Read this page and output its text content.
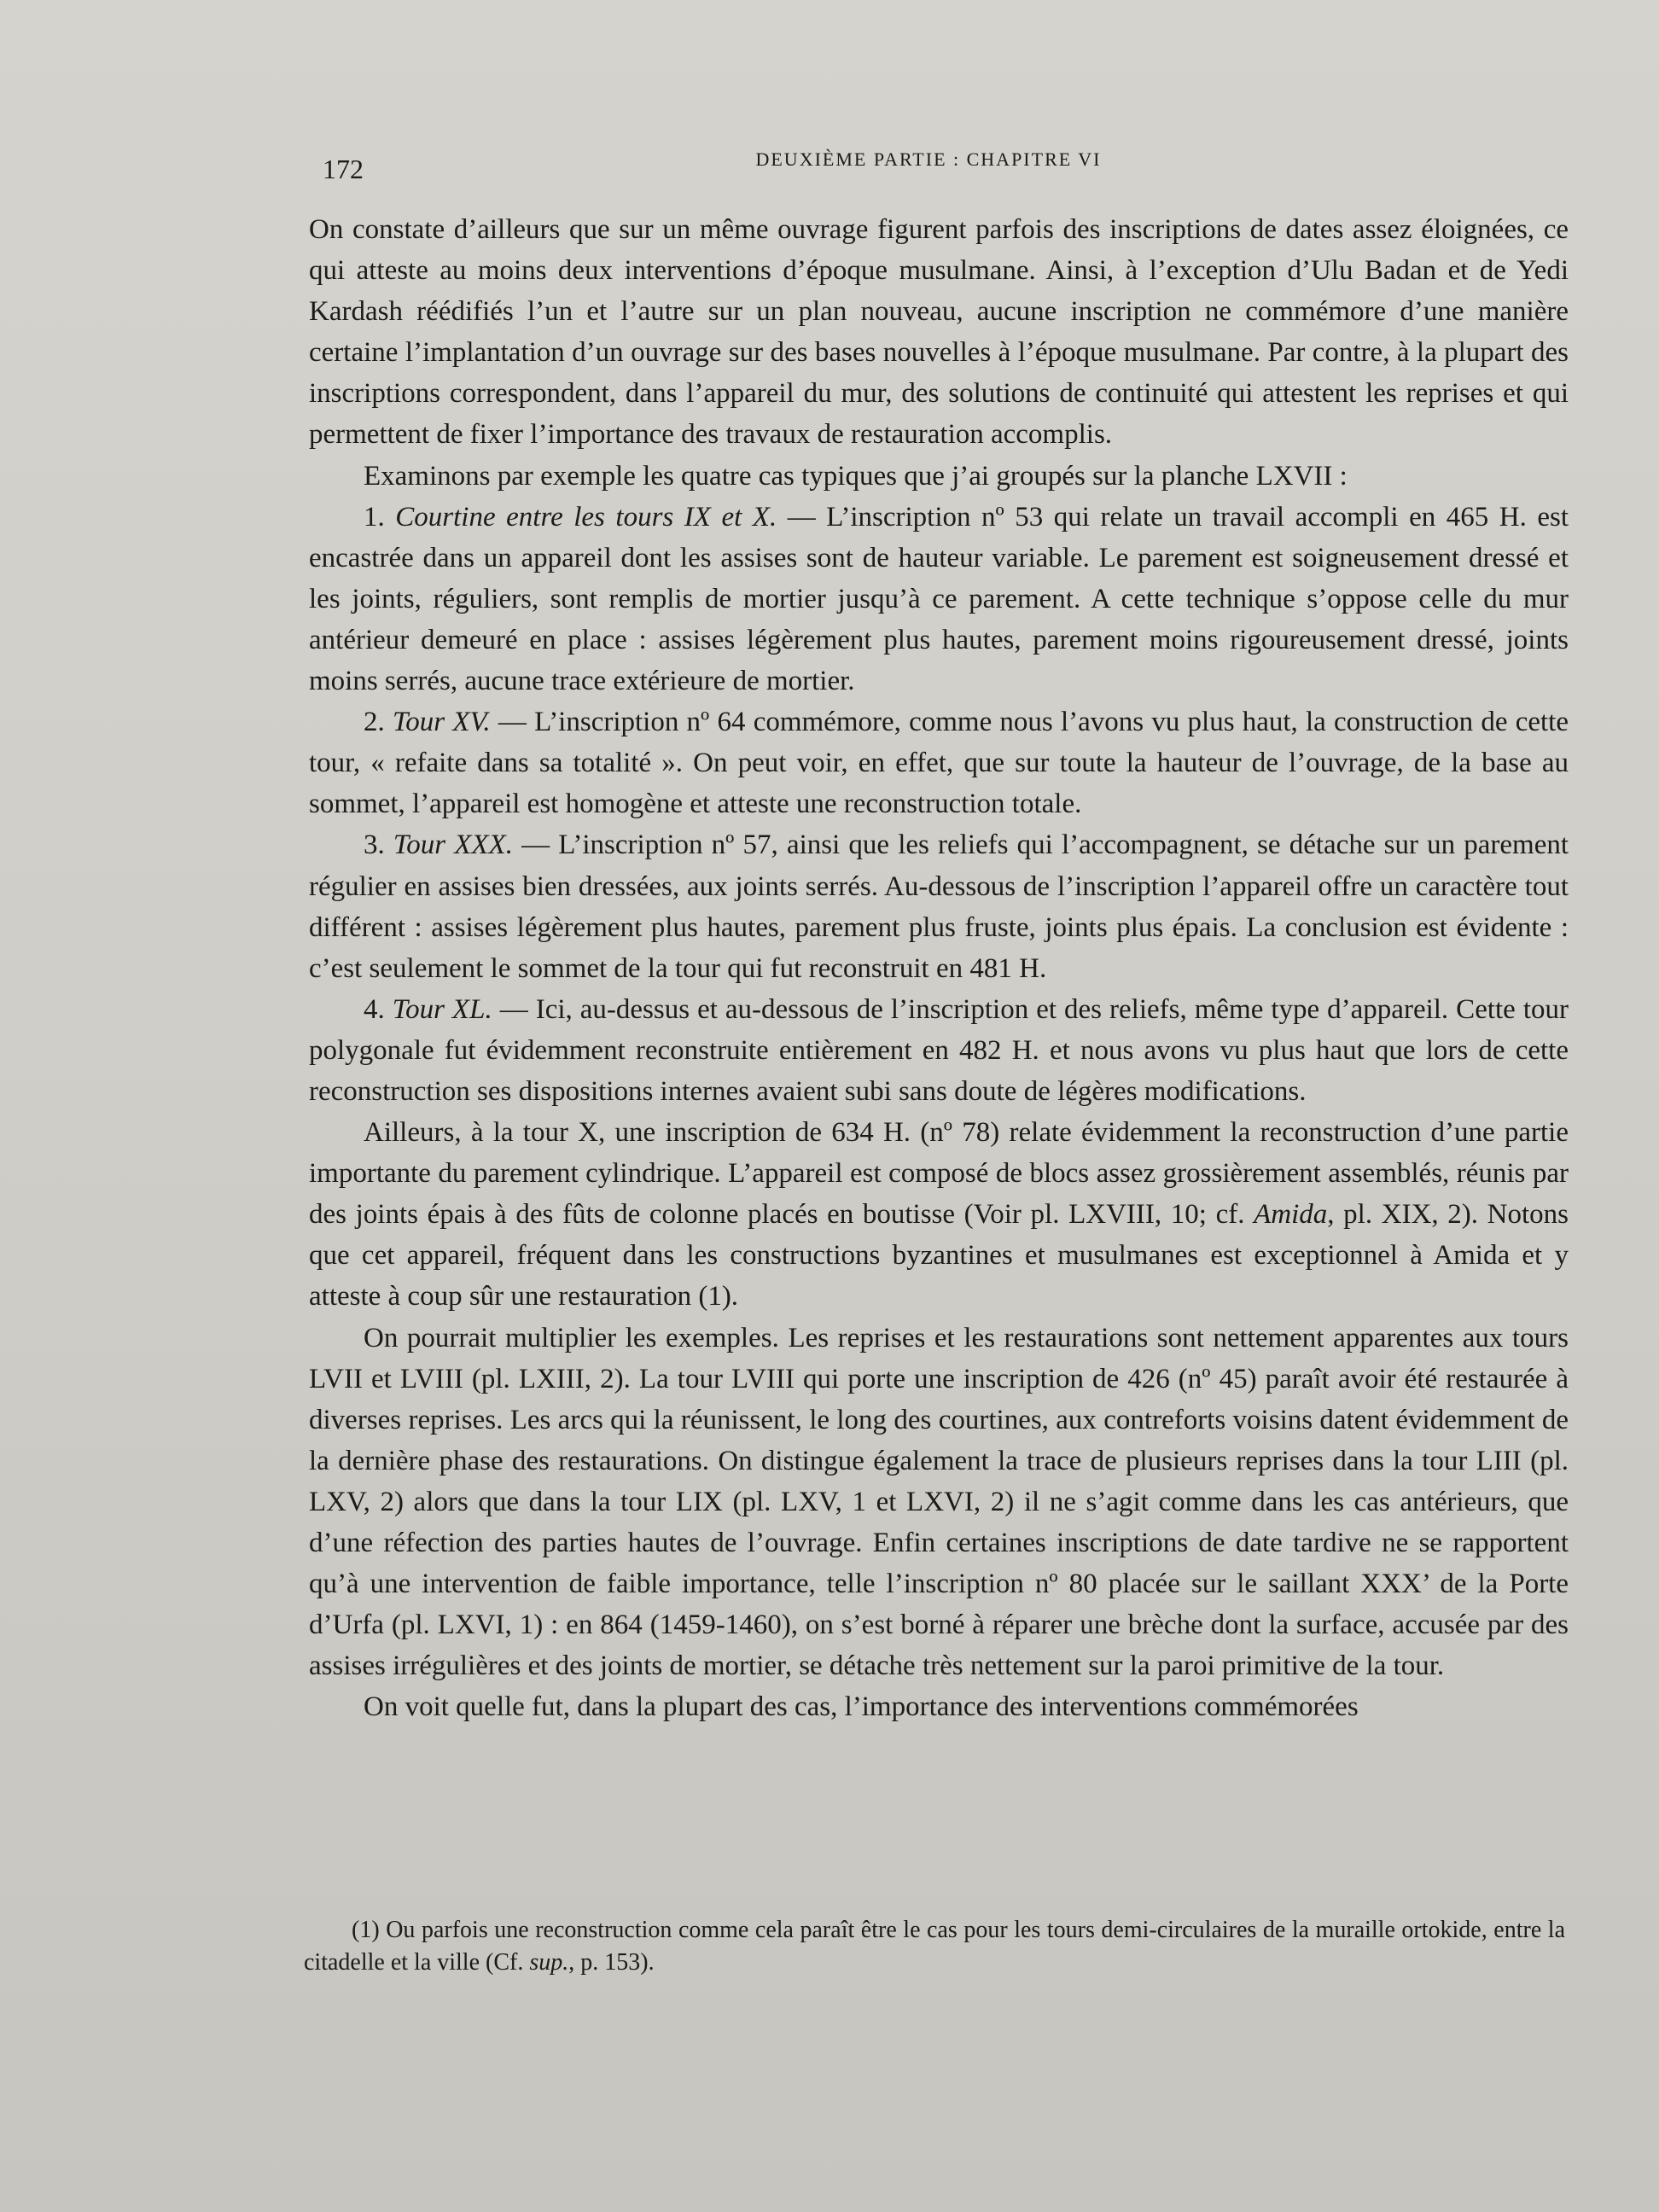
172	DEUXIÈME PARTIE : CHAPITRE VI

On constate d’ailleurs que sur un même ouvrage figurent parfois des inscriptions de dates assez éloignées, ce qui atteste au moins deux interventions d’époque musulmane. Ainsi, à l’exception d’Ulu Badan et de Yedi Kardash réédifiés l’un et l’autre sur un plan nouveau, aucune inscription ne commémore d’une manière certaine l’implantation d’un ouvrage sur des bases nouvelles à l’époque musulmane. Par contre, à la plupart des inscriptions correspondent, dans l’appareil du mur, des solutions de continuité qui attestent les reprises et qui permettent de fixer l’importance des travaux de restauration accomplis.

Examinons par exemple les quatre cas typiques que j’ai groupés sur la planche LXVII :

1. Courtine entre les tours IX et X. — L’inscription nº 53 qui relate un travail accompli en 465 H. est encastrée dans un appareil dont les assises sont de hauteur variable. Le parement est soigneusement dressé et les joints, réguliers, sont remplis de mortier jusqu’à ce parement. A cette technique s’oppose celle du mur antérieur demeuré en place : assises légèrement plus hautes, parement moins rigoureusement dressé, joints moins serrés, aucune trace extérieure de mortier.

2. Tour XV. — L’inscription nº 64 commémore, comme nous l’avons vu plus haut, la construction de cette tour, « refaite dans sa totalité ». On peut voir, en effet, que sur toute la hauteur de l’ouvrage, de la base au sommet, l’appareil est homogène et atteste une reconstruction totale.

3. Tour XXX. — L’inscription nº 57, ainsi que les reliefs qui l’accompagnent, se détache sur un parement régulier en assises bien dressées, aux joints serrés. Au-dessous de l’inscription l’appareil offre un caractère tout différent : assises légèrement plus hautes, parement plus fruste, joints plus épais. La conclusion est évidente : c’est seulement le sommet de la tour qui fut reconstruit en 481 H.

4. Tour XL. — Ici, au-dessus et au-dessous de l’inscription et des reliefs, même type d’appareil. Cette tour polygonale fut évidemment reconstruite entièrement en 482 H. et nous avons vu plus haut que lors de cette reconstruction ses dispositions internes avaient subi sans doute de légères modifications.

Ailleurs, à la tour X, une inscription de 634 H. (nº 78) relate évidemment la reconstruction d’une partie importante du parement cylindrique. L’appareil est composé de blocs assez grossièrement assemblés, réunis par des joints épais à des fûts de colonne placés en boutisse (Voir pl. LXVIII, 10; cf. Amida, pl. XIX, 2). Notons que cet appareil, fréquent dans les constructions byzantines et musulmanes est exceptionnel à Amida et y atteste à coup sûr une restauration (1).

On pourrait multiplier les exemples. Les reprises et les restaurations sont nettement apparentes aux tours LVII et LVIII (pl. LXIII, 2). La tour LVIII qui porte une inscription de 426 (nº 45) paraît avoir été restaurée à diverses reprises. Les arcs qui la réunissent, le long des courtines, aux contreforts voisins datent évidemment de la dernière phase des restaurations. On distingue également la trace de plusieurs reprises dans la tour LIII (pl. LXV, 2) alors que dans la tour LIX (pl. LXV, 1 et LXVI, 2) il ne s’agit comme dans les cas antérieurs, que d’une réfection des parties hautes de l’ouvrage. Enfin certaines inscriptions de date tardive ne se rapportent qu’à une intervention de faible importance, telle l’inscription nº 80 placée sur le saillant XXX’ de la Porte d’Urfa (pl. LXVI, 1) : en 864 (1459-1460), on s’est borné à réparer une brèche dont la surface, accusée par des assises irrégulières et des joints de mortier, se détache très nettement sur la paroi primitive de la tour.

On voit quelle fut, dans la plupart des cas, l’importance des interventions commémorées

(1) Ou parfois une reconstruction comme cela paraît être le cas pour les tours demi-circulaires de la muraille ortokide, entre la citadelle et la ville (Cf. sup., p. 153).
